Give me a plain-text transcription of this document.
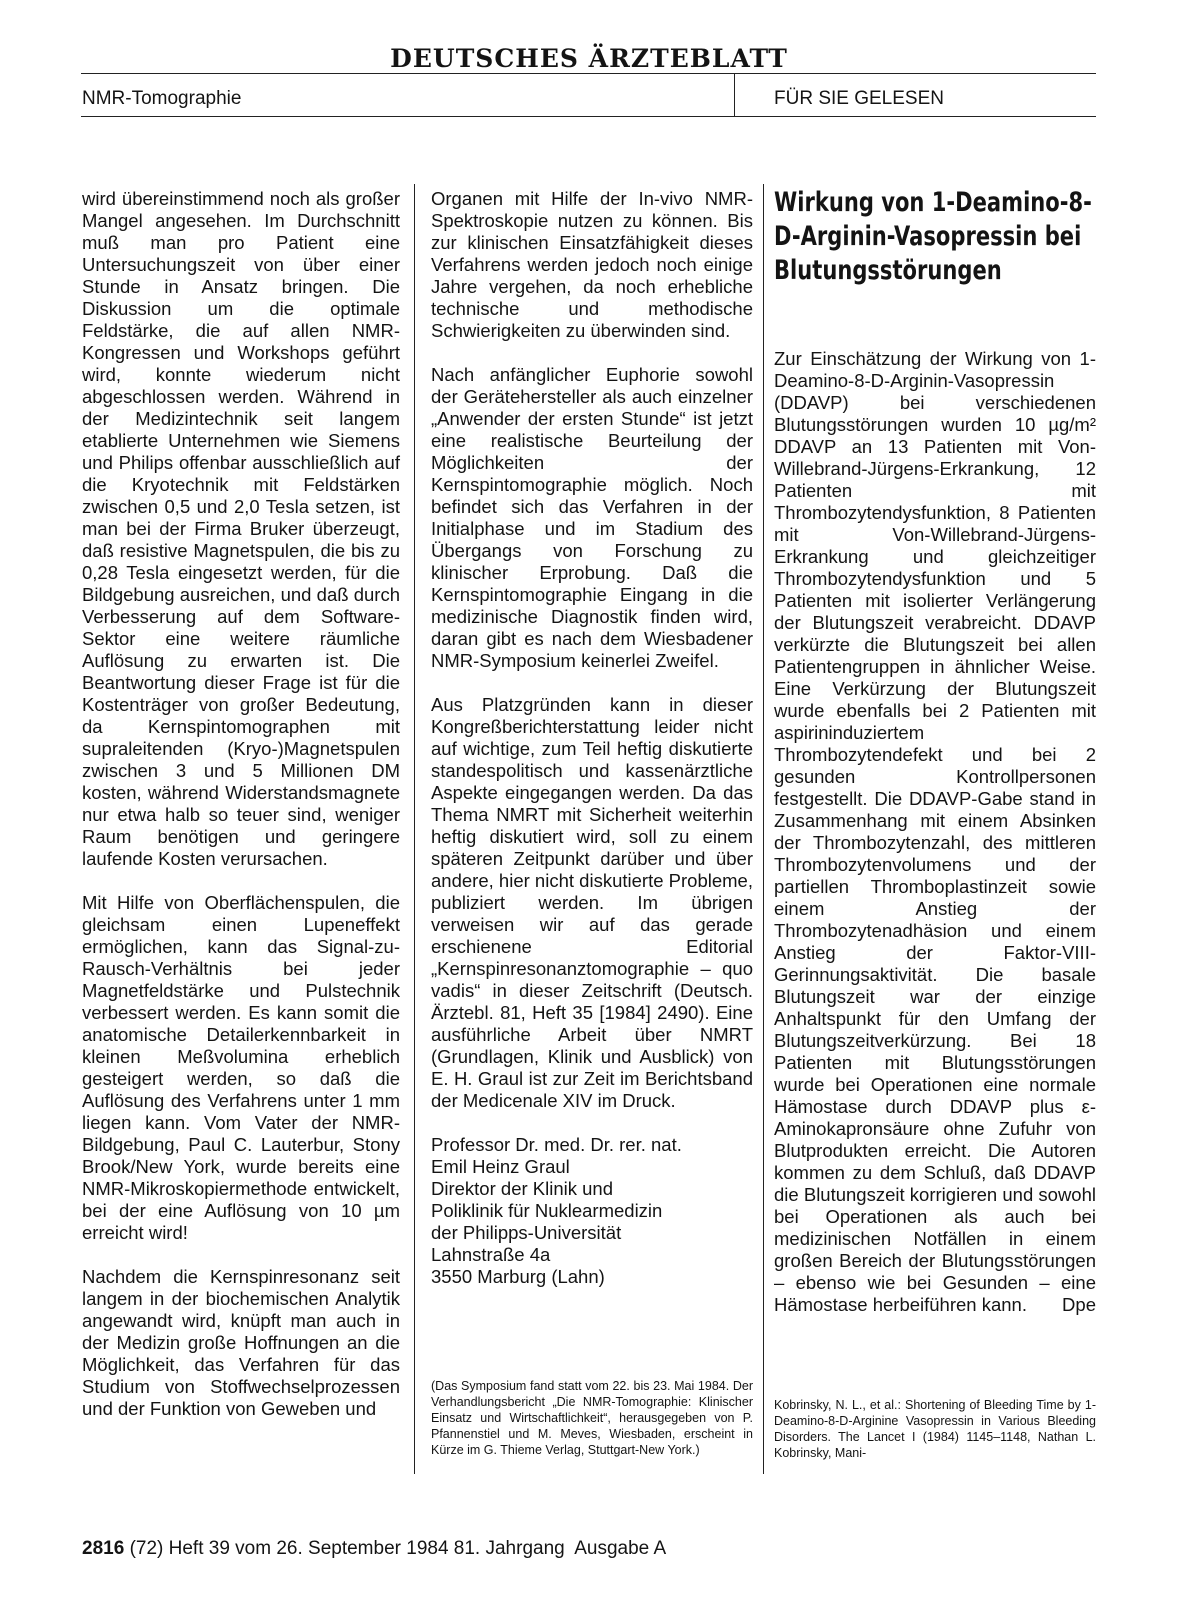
DEUTSCHES ÄRZTEBLATT
NMR-Tomographie	FÜR SIE GELESEN

wird übereinstimmend noch als großer Mangel angesehen. Im Durchschnitt muß man pro Patient eine Untersuchungszeit von über einer Stunde in Ansatz bringen. Die Diskussion um die optimale Feldstärke, die auf allen NMR-Kongressen und Workshops geführt wird, konnte wiederum nicht abgeschlossen werden. Während in der Medizintechnik seit langem etablierte Unternehmen wie Siemens und Philips offenbar ausschließlich auf die Kryotechnik mit Feldstärken zwischen 0,5 und 2,0 Tesla setzen, ist man bei der Firma Bruker überzeugt, daß resistive Magnetspulen, die bis zu 0,28 Tesla eingesetzt werden, für die Bildgebung ausreichen, und daß durch Verbesserung auf dem Software-Sektor eine weitere räumliche Auflösung zu erwarten ist. Die Beantwortung dieser Frage ist für die Kostenträger von großer Bedeutung, da Kernspintomographen mit supraleitenden (Kryo-)Magnetspulen zwischen 3 und 5 Millionen DM kosten, während Widerstandsmagnete nur etwa halb so teuer sind, weniger Raum benötigen und geringere laufende Kosten verursachen.

Mit Hilfe von Oberflächenspulen, die gleichsam einen Lupeneffekt ermöglichen, kann das Signal-zu-Rausch-Verhältnis bei jeder Magnetfeldstärke und Pulstechnik verbessert werden. Es kann somit die anatomische Detailerkennbarkeit in kleinen Meßvolumina erheblich gesteigert werden, so daß die Auflösung des Verfahrens unter 1 mm liegen kann. Vom Vater der NMR-Bildgebung, Paul C. Lauterbur, Stony Brook/New York, wurde bereits eine NMR-Mikroskopiermethode entwickelt, bei der eine Auflösung von 10 µm erreicht wird!

Nachdem die Kernspinresonanz seit langem in der biochemischen Analytik angewandt wird, knüpft man auch in der Medizin große Hoffnungen an die Möglichkeit, das Verfahren für das Studium von Stoffwechselprozessen und der Funktion von Geweben und

Organen mit Hilfe der In-vivo NMR-Spektroskopie nutzen zu können. Bis zur klinischen Einsatzfähigkeit dieses Verfahrens werden jedoch noch einige Jahre vergehen, da noch erhebliche technische und methodische Schwierigkeiten zu überwinden sind.

Nach anfänglicher Euphorie sowohl der Gerätehersteller als auch einzelner „Anwender der ersten Stunde“ ist jetzt eine realistische Beurteilung der Möglichkeiten der Kernspintomographie möglich. Noch befindet sich das Verfahren in der Initialphase und im Stadium des Übergangs von Forschung zu klinischer Erprobung. Daß die Kernspintomographie Eingang in die medizinische Diagnostik finden wird, daran gibt es nach dem Wiesbadener NMR-Symposium keinerlei Zweifel.

Aus Platzgründen kann in dieser Kongreßberichterstattung leider nicht auf wichtige, zum Teil heftig diskutierte standespolitisch und kassenärztliche Aspekte eingegangen werden. Da das Thema NMRT mit Sicherheit weiterhin heftig diskutiert wird, soll zu einem späteren Zeitpunkt darüber und über andere, hier nicht diskutierte Probleme, publiziert werden. Im übrigen verweisen wir auf das gerade erschienene Editorial „Kernspinresonanztomographie – quo vadis“ in dieser Zeitschrift (Deutsch. Ärztebl. 81, Heft 35 [1984] 2490). Eine ausführliche Arbeit über NMRT (Grundlagen, Klinik und Ausblick) von E. H. Graul ist zur Zeit im Berichtsband der Medicenale XIV im Druck.

Professor Dr. med. Dr. rer. nat.
Emil Heinz Graul
Direktor der Klinik und
Poliklinik für Nuklearmedizin
der Philipps-Universität
Lahnstraße 4a
3550 Marburg (Lahn)

(Das Symposium fand statt vom 22. bis 23. Mai 1984. Der Verhandlungsbericht „Die NMR-Tomographie: Klinischer Einsatz und Wirtschaftlichkeit“, herausgegeben von P. Pfannenstiel und M. Meves, Wiesbaden, erscheint in Kürze im G. Thieme Verlag, Stuttgart-New York.)
Wirkung von 1-Deamino-8-D-Arginin-Vasopressin bei Blutungsstörungen

Zur Einschätzung der Wirkung von 1-Deamino-8-D-Arginin-Vasopressin (DDAVP) bei verschiedenen Blutungsstörungen wurden 10 µg/m² DDAVP an 13 Patienten mit Von-Willebrand-Jürgens-Erkrankung, 12 Patienten mit Thrombozytendysfunktion, 8 Patienten mit Von-Willebrand-Jürgens-Erkrankung und gleichzeitiger Thrombozytendysfunktion und 5 Patienten mit isolierter Verlängerung der Blutungszeit verabreicht. DDAVP verkürzte die Blutungszeit bei allen Patientengruppen in ähnlicher Weise. Eine Verkürzung der Blutungszeit wurde ebenfalls bei 2 Patienten mit aspirininduziertem Thrombozytendefekt und bei 2 gesunden Kontrollpersonen festgestellt. Die DDAVP-Gabe stand in Zusammenhang mit einem Absinken der Thrombozytenzahl, des mittleren Thrombozytenvolumens und der partiellen Thromboplastinzeit sowie einem Anstieg der Thrombozytenadhäsion und einem Anstieg der Faktor-VIII-Gerinnungsaktivität. Die basale Blutungszeit war der einzige Anhaltspunkt für den Umfang der Blutungszeitverkürzung. Bei 18 Patienten mit Blutungsstörungen wurde bei Operationen eine normale Hämostase durch DDAVP plus ε-Aminokapronsäure ohne Zufuhr von Blutprodukten erreicht. Die Autoren kommen zu dem Schluß, daß DDAVP die Blutungszeit korrigieren und sowohl bei Operationen als auch bei medizinischen Notfällen in einem großen Bereich der Blutungsstörungen – ebenso wie bei Gesunden – eine Hämostase herbeiführen kann. Dpe

Kobrinsky, N. L., et al.: Shortening of Bleeding Time by 1-Deamino-8-D-Arginine Vasopressin in Various Bleeding Disorders. The Lancet I (1984) 1145–1148, Nathan L. Kobrinsky, Mani-
2816 (72) Heft 39 vom 26. September 1984 81. Jahrgang  Ausgabe A
